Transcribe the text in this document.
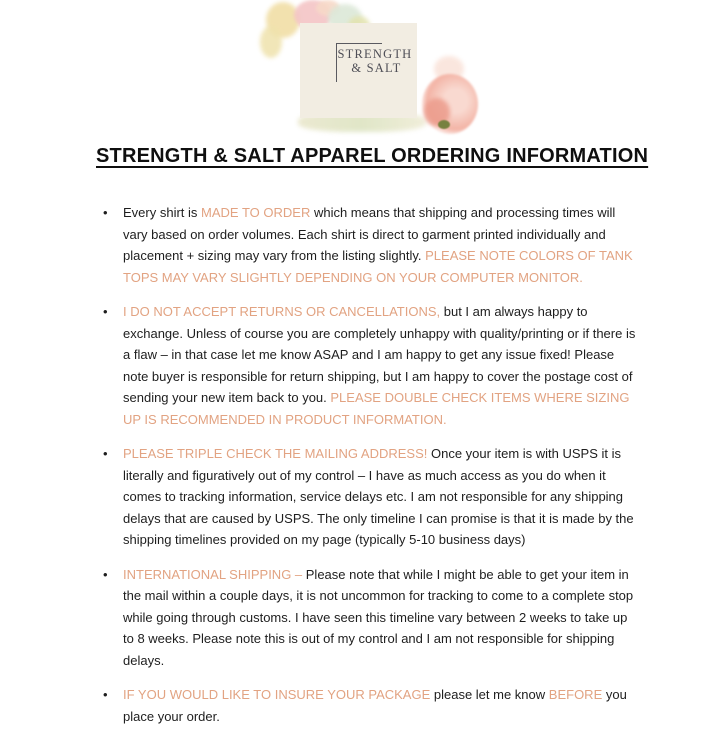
STRENGTH
& SALT
STRENGTH & SALT APPAREL ORDERING INFORMATION
•	Every shirt is MADE TO ORDER which means that shipping and processing times will vary based on order volumes. Each shirt is direct to garment printed individually and placement + sizing may vary from the listing slightly. PLEASE NOTE COLORS OF TANK TOPS MAY VARY SLIGHTLY DEPENDING ON YOUR COMPUTER MONITOR.
•	I DO NOT ACCEPT RETURNS OR CANCELLATIONS, but I am always happy to exchange. Unless of course you are completely unhappy with quality/printing or if there is a flaw – in that case let me know ASAP and I am happy to get any issue fixed! Please note buyer is responsible for return shipping, but I am happy to cover the postage cost of sending your new item back to you. PLEASE DOUBLE CHECK ITEMS WHERE SIZING UP IS RECOMMENDED IN PRODUCT INFORMATION.
•	PLEASE TRIPLE CHECK THE MAILING ADDRESS! Once your item is with USPS it is literally and figuratively out of my control – I have as much access as you do when it comes to tracking information, service delays etc. I am not responsible for any shipping delays that are caused by USPS. The only timeline I can promise is that it is made by the shipping timelines provided on my page (typically 5-10 business days)
•	INTERNATIONAL SHIPPING – Please note that while I might be able to get your item in the mail within a couple days, it is not uncommon for tracking to come to a complete stop while going through customs. I have seen this timeline vary between 2 weeks to take up to 8 weeks. Please note this is out of my control and I am not responsible for shipping delays.
•	IF YOU WOULD LIKE TO INSURE YOUR PACKAGE please let me know BEFORE you place your order.
